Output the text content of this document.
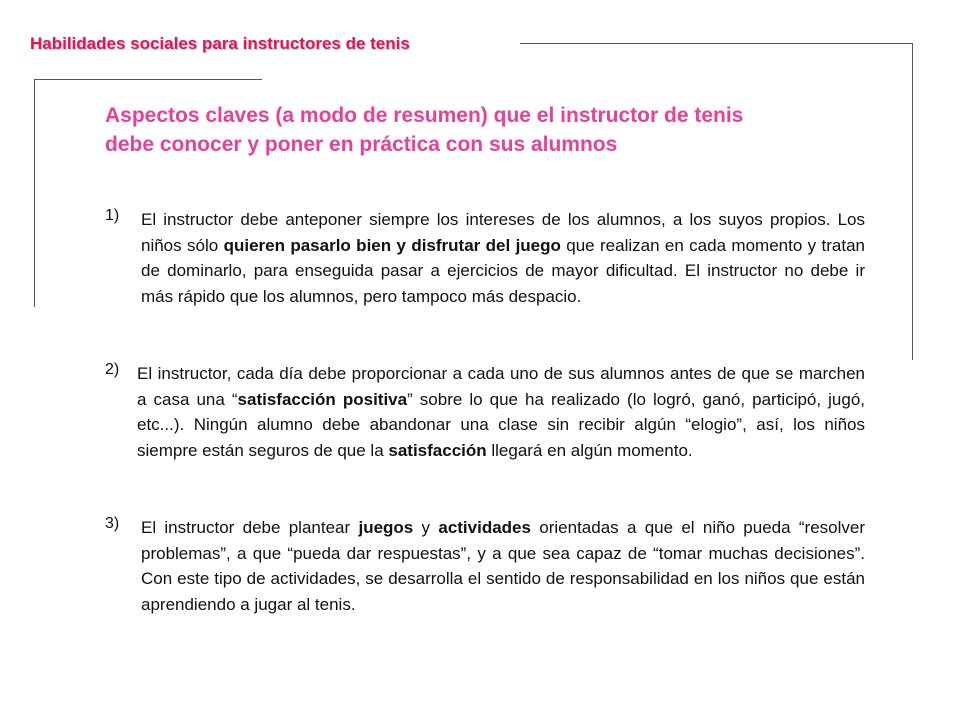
Habilidades sociales para instructores de tenis
Aspectos claves (a modo de resumen) que el instructor de tenis
debe conocer y poner en práctica con sus alumnos
1)	El instructor debe anteponer siempre los intereses de los alumnos, a los suyos propios. Los niños sólo quieren pasarlo bien y disfrutar del juego que realizan en cada momento y tratan de dominarlo, para enseguida pasar a ejercicios de mayor dificultad. El instructor no debe ir más rápido que los alumnos, pero tampoco más despacio.
2)	El instructor, cada día debe proporcionar a cada uno de sus alumnos antes de que se marchen a casa una “satisfacción positiva” sobre lo que ha realizado (lo logró, ganó, participó, jugó, etc...). Ningún alumno debe abandonar una clase sin recibir algún “elogio”, así, los niños siempre están seguros de que la satisfacción llegará en algún momento.
3)	El instructor debe plantear juegos y actividades orientadas a que el niño pueda “resolver problemas”, a que “pueda dar respuestas”, y a que sea capaz de “tomar muchas decisiones”. Con este tipo de actividades, se desarrolla el sentido de responsabilidad en los niños que están aprendiendo a jugar al tenis.
